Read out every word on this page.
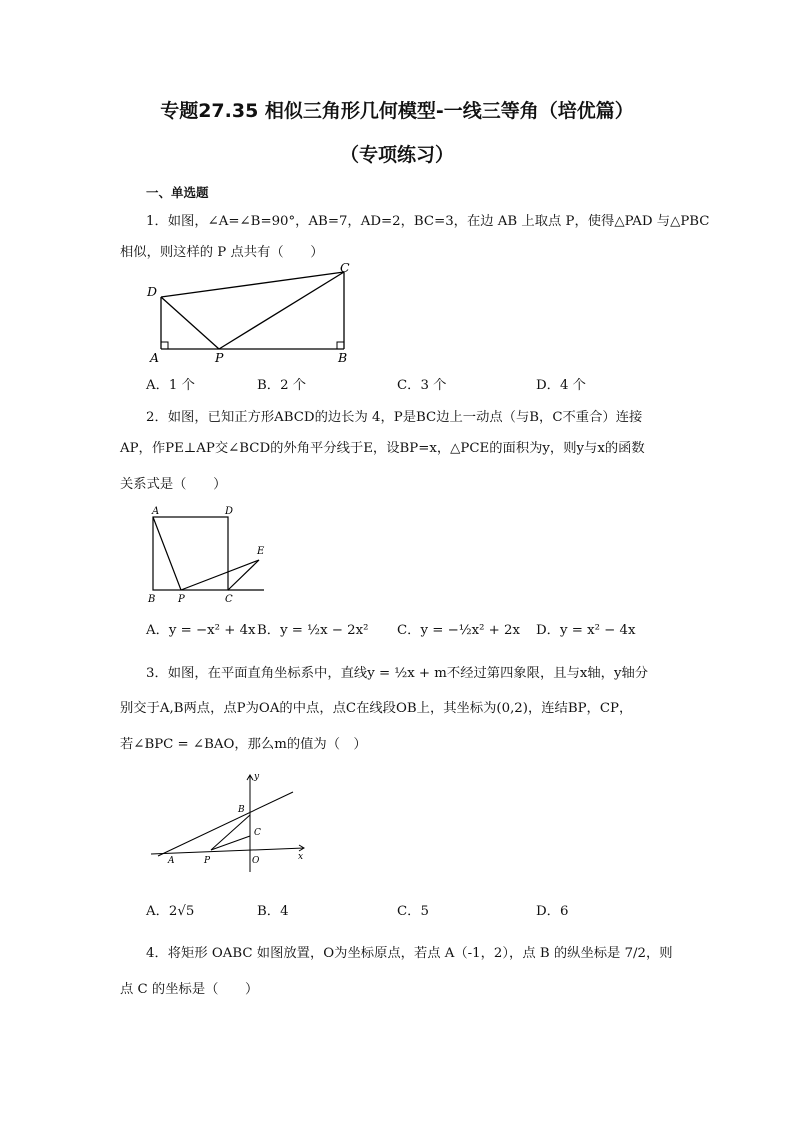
专题27.35 相似三角形几何模型-一线三等角（培优篇）
（专项练习）
一、单选题
1．如图，∠A=∠B=90°，AB=7，AD=2，BC=3，在边 AB 上取点 P，使得△PAD 与△PBC
相似，则这样的 P 点共有（　　）
D
C
A	P	B
A．1 个	B．2 个	C．3 个	D．4 个
2．如图，已知正方形ABCD的边长为 4，P是BC边上一动点（与B，C不重合）连接
AP，作PE⊥AP交∠BCD的外角平分线于E，设BP=x，△PCE的面积为y，则y与x的函数
关系式是（　　）
A	D
E
B P	C
A．y = −x² + 4x B．y = ½x − 2x² C．y = −½x² + 2x D．y = x² − 4x
3．如图，在平面直角坐标系中，直线y = ½x + m不经过第四象限，且与x轴，y轴分
别交于A,B两点，点P为OA的中点，点C在线段OB上，其坐标为(0,2)，连结BP，CP，
若∠BPC = ∠BAO，那么m的值为（　）
y
x
B
C
A	P	O
A．2√5	B．4	C．5	D．6
4．将矩形 OABC 如图放置，O为坐标原点，若点 A（-1，2），点 B 的纵坐标是 7/2，则
点 C 的坐标是（　　）
